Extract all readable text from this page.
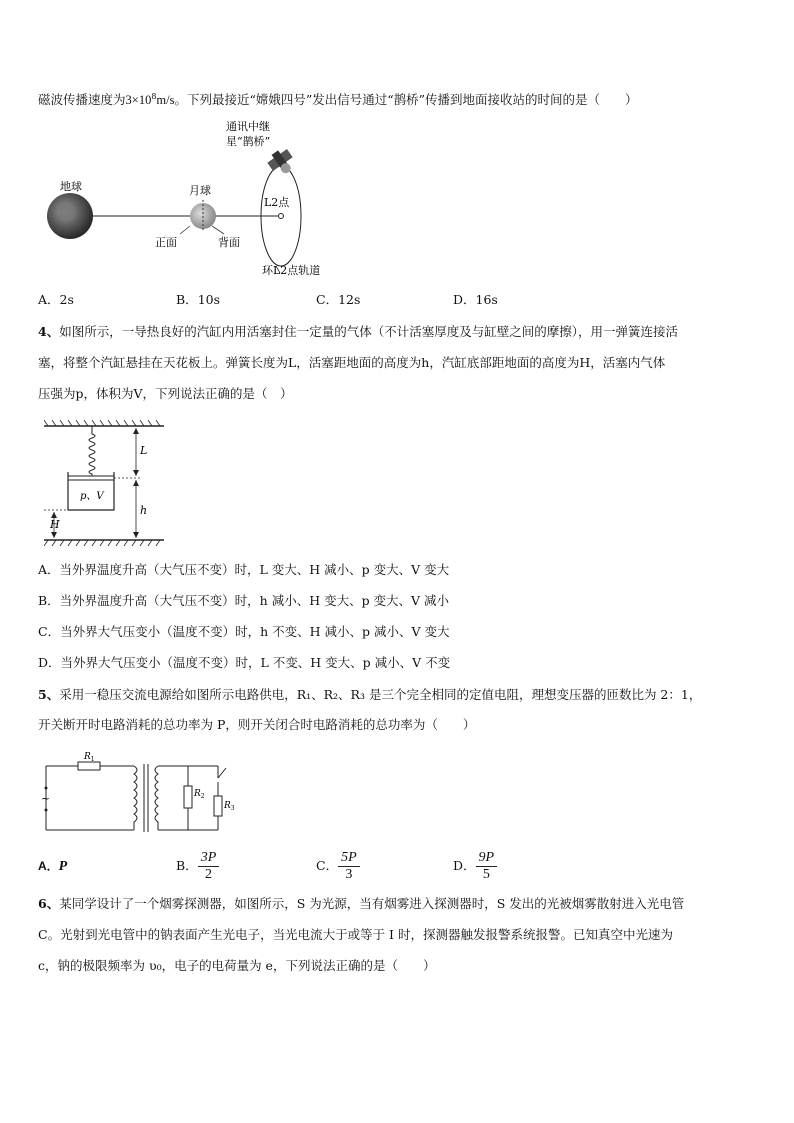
磁波传播速度为$3\times 10^8m/s$。下列最接近“嫦娥四号”发出信号通过“鹊桥”传播到地面接收站的时间的是（　　）
地球	月球
正面	背面
L2点
通讯中继
星“鹊桥”
环L2点轨道
A．2s	B．10s	C．12s	D．16s
4、如图所示，一导热良好的汽缸内用活塞封住一定量的气体（不计活塞厚度及与缸壁之间的摩擦），用一弹簧连接活
塞，将整个汽缸悬挂在天花板上。弹簧长度为L，活塞距地面的高度为h，汽缸底部距地面的高度为H，活塞内气体
压强为p，体积为V，下列说法正确的是（　）
p、V
L
h
H
A．当外界温度升高（大气压不变）时，L 变大、H 减小、p 变大、V 变大
B．当外界温度升高（大气压不变）时，h 减小、H 变大、p 变大、V 减小
C．当外界大气压变小（温度不变）时，h 不变、H 减小、p 减小、V 变大
D．当外界大气压变小（温度不变）时，L 不变、H 变大、p 减小、V 不变
5、采用一稳压交流电源给如图所示电路供电，R₁、R₂、R₃ 是三个完全相同的定值电阻，理想变压器的匝数比为 2：1，
开关断开时电路消耗的总功率为 P，则开关闭合时电路消耗的总功率为（　　）
$R_1$
~	$R_2$
$R_3$
A．P	B． $\frac{3P}{2}$	C． $\frac{5P}{3}$	D． $\frac{9P}{5}$
6、某同学设计了一个烟雾探测器，如图所示，S 为光源，当有烟雾进入探测器时，S 发出的光被烟雾散射进入光电管
C。光射到光电管中的钠表面产生光电子，当光电流大于或等于 I 时，探测器触发报警系统报警。已知真空中光速为
c，钠的极限频率为 υ₀，电子的电荷量为 e，下列说法正确的是（　　）
